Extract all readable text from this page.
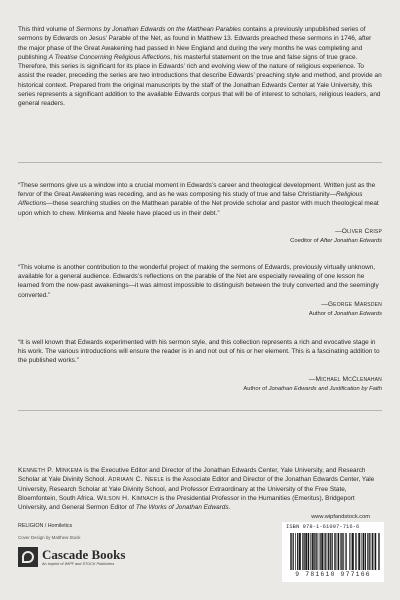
This third volume of Sermons by Jonathan Edwards on the Matthean Parables contains a previously unpublished series of sermons by Edwards on Jesus’ Parable of the Net, as found in Matthew 13. Edwards preached these sermons in 1746, after the major phase of the Great Awakening had passed in New England and during the very months he was completing and publishing A Treatise Concerning Religious Affections, his masterful statement on the true and false signs of true grace. Therefore, this series is significant for its place in Edwards’ rich and evolving view of the nature of religious experience. To assist the reader, preceding the series are two introductions that describe Edwards’ preaching style and method, and provide an historical context. Prepared from the original manuscripts by the staff of the Jonathan Edwards Center at Yale University, this series represents a significant addition to the available Edwards corpus that will be of interest to scholars, religious leaders, and general readers.
“These sermons give us a window into a crucial moment in Edwards’s career and theological development. Written just as the fervor of the Great Awakening was receding, and as he was composing his study of true and false Christianity—Religious Affections—these searching studies on the Matthean parable of the Net provide scholar and pastor with much theological meat upon which to chew. Minkema and Neele have placed us in their debt.”
—Oliver Crisp
Coeditor of After Jonathan Edwards
“This volume is another contribution to the wonderful project of making the sermons of Edwards, previously virtually unknown, available for a general audience. Edwards’s reflections on the parable of the Net are especially revealing of one lesson he learned from the now-past awakenings—it was almost impossible to distinguish between the truly converted and the seemingly converted.”
—George Marsden
Author of Jonathan Edwards
“It is well known that Edwards experimented with his sermon style, and this collection represents a rich and evocative stage in his work. The various introductions will ensure the reader is in and not out of his or her element. This is a fascinating addition to the published works.”
—Michael McClenahan
Author of Jonathan Edwards and Justification by Faith
Kenneth P. Minkema is the Executive Editor and Director of the Jonathan Edwards Center, Yale University, and Research Scholar at Yale Divinity School. Adriaan C. Neele is the Associate Editor and Director of the Jonathan Edwards Center, Yale University, Research Scholar at Yale Divinity School, and Professor Extraordinary at the University of the Free State, Bloemfontein, South Africa. Wilson H. Kimnach is the Presidential Professor in the Humanities (Emeritus), Bridgeport University, and General Sermon Editor of The Works of Jonathan Edwards.
www.wipfandstock.com
RELIGION / Homiletics
Cover Design by Matthew Stock
Cascade Books
An Imprint of WIPF and STOCK Publishers
ISBN 978-1-61097-716-6
9 781610 977166
